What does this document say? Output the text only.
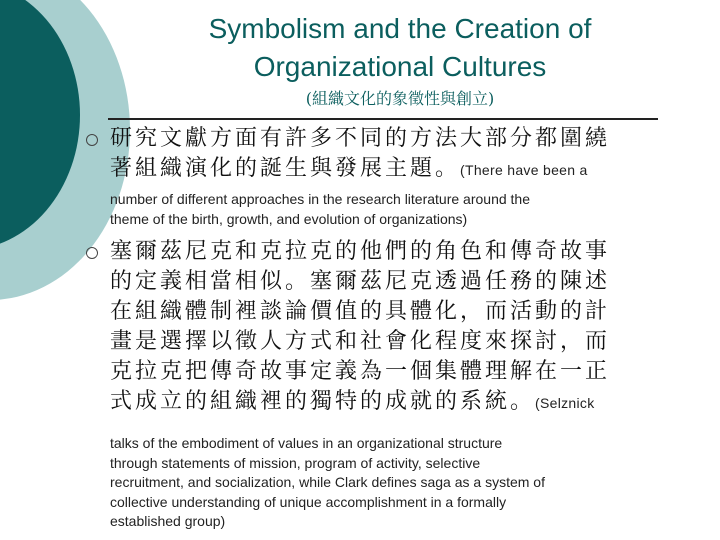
Symbolism and the Creation of
Organizational Cultures
(組織文化的象徵性與創立)
研究文獻方面有許多不同的方法大部分都圍繞
著組織演化的誕生與發展主題。(There have been a
number of different approaches in the research literature around the
theme of the birth, growth, and evolution of organizations)
塞爾茲尼克和克拉克的他們的角色和傳奇故事
的定義相當相似。塞爾茲尼克透過任務的陳述
在組織體制裡談論價值的具體化，而活動的計
畫是選擇以徵人方式和社會化程度來探討，而
克拉克把傳奇故事定義為一個集體理解在一正
式成立的組織裡的獨特的成就的系統。(Selznick
talks of the embodiment of values in an organizational structure
through statements of mission, program of activity, selective
recruitment, and socialization, while Clark defines saga as a system of
collective understanding of unique accomplishment in a formally
established group)
